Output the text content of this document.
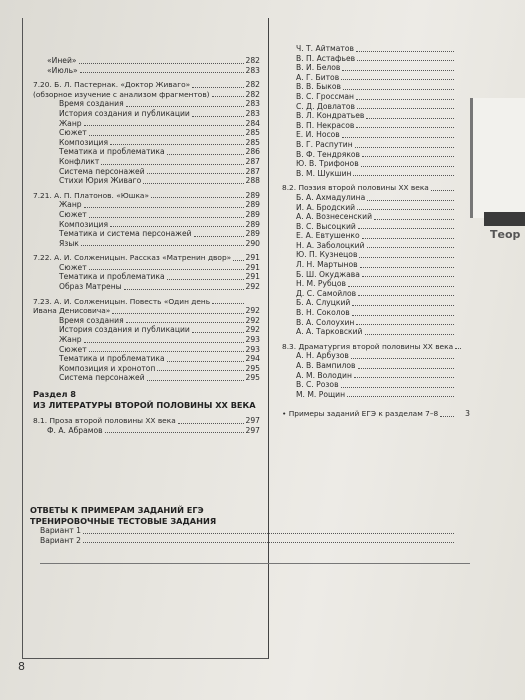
«Иней»	282
«Июль»	283
7.20. Б. Л. Пастернак. «Доктор Живаго»	282
(обзорное изучение с анализом фрагментов)	282
Время создания	283
История создания и публикации	283
Жанр	284
Сюжет	285
Композиция	285
Тематика и проблематика	286
Конфликт	287
Система персонажей	287
Стихи Юрия Живаго	288
7.21. А. П. Платонов. «Юшка»	289
Жанр	289
Сюжет	289
Композиция	289
Тематика и система персонажей	289
Язык	290
7.22. А. И. Солженицын. Рассказ «Матренин двор» 291
Сюжет	291
Тематика и проблематика	291
Образ Матрены	292
7.23. А. И. Солженицын. Повесть «Один день
Ивана Денисовича»	292
Время создания	292
История создания и публикации	292
Жанр	293
Сюжет	293
Тематика и проблематика	294
Композиция и хронотоп	295
Система персонажей	295
Раздел 8
ИЗ ЛИТЕРАТУРЫ ВТОРОЙ ПОЛОВИНЫ XX ВЕКА
8.1. Проза второй половины XX века	297
Ф. А. Абрамов	297
Ч. Т. Айтматов
В. П. Астафьев
В. И. Белов
А. Г. Битов
В. В. Быков
В. С. Гроссман
С. Д. Довлатов
В. Л. Кондратьев
В. П. Некрасов
Е. И. Носов
В. Г. Распутин
В. Ф. Тендряков
Ю. В. Трифонов
В. М. Шукшин
8.2. Поэзия второй половины XX века
Б. А. Ахмадулина
И. А. Бродский
А. А. Вознесенский
В. С. Высоцкий
Е. А. Евтушенко
Н. А. Заболоцкий
Ю. П. Кузнецов
Л. Н. Мартынов
Б. Ш. Окуджава
Н. М. Рубцов
Д. С. Самойлов
Б. А. Слуцкий
В. Н. Соколов
В. А. Солоухин
А. А. Тарковский
8.3. Драматургия второй половины XX века
А. Н. Арбузов
А. В. Вампилов
А. М. Володин
В. С. Розов
М. М. Рощин
• Примеры заданий ЕГЭ к разделам 7–8	3
ОТВЕТЫ К ПРИМЕРАМ ЗАДАНИЙ ЕГЭ
ТРЕНИРОВОЧНЫЕ ТЕСТОВЫЕ ЗАДАНИЯ
Вариант 1
Вариант 2
8
Теор
